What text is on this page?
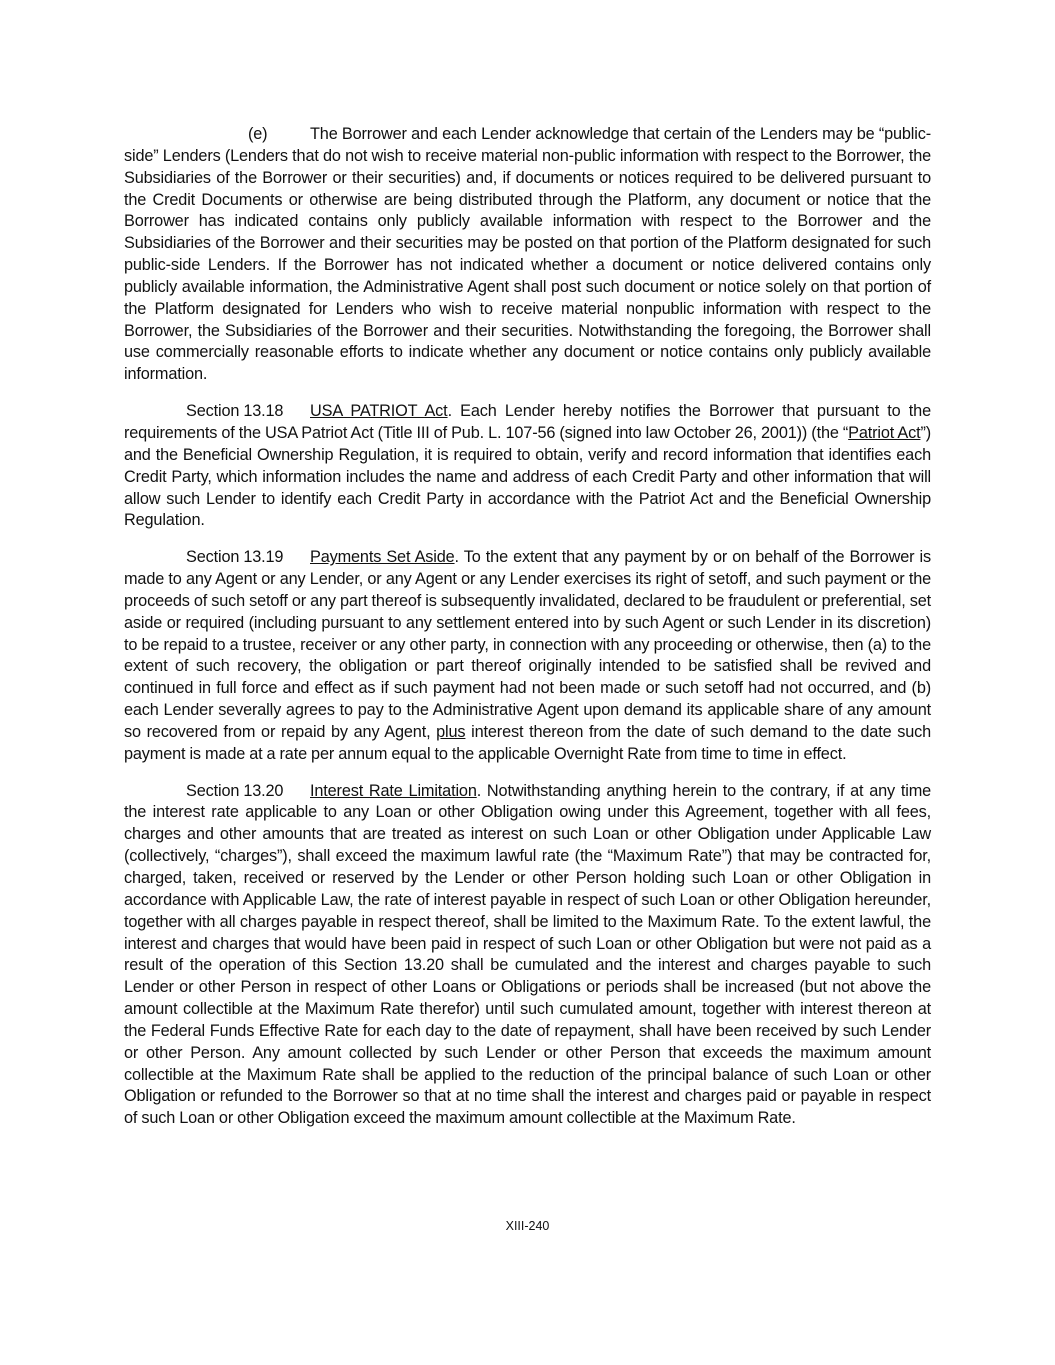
(e)	The Borrower and each Lender acknowledge that certain of the Lenders may be “public-side” Lenders (Lenders that do not wish to receive material non-public information with respect to the Borrower, the Subsidiaries of the Borrower or their securities) and, if documents or notices required to be delivered pursuant to the Credit Documents or otherwise are being distributed through the Platform, any document or notice that the Borrower has indicated contains only publicly available information with respect to the Borrower and the Subsidiaries of the Borrower and their securities may be posted on that portion of the Platform designated for such public-side Lenders. If the Borrower has not indicated whether a document or notice delivered contains only publicly available information, the Administrative Agent shall post such document or notice solely on that portion of the Platform designated for Lenders who wish to receive material nonpublic information with respect to the Borrower, the Subsidiaries of the Borrower and their securities. Notwithstanding the foregoing, the Borrower shall use commercially reasonable efforts to indicate whether any document or notice contains only publicly available information.

Section 13.18 USA PATRIOT Act. Each Lender hereby notifies the Borrower that pursuant to the requirements of the USA Patriot Act (Title III of Pub. L. 107-56 (signed into law October 26, 2001)) (the “Patriot Act”) and the Beneficial Ownership Regulation, it is required to obtain, verify and record information that identifies each Credit Party, which information includes the name and address of each Credit Party and other information that will allow such Lender to identify each Credit Party in accordance with the Patriot Act and the Beneficial Ownership Regulation.

Section 13.19 Payments Set Aside. To the extent that any payment by or on behalf of the Borrower is made to any Agent or any Lender, or any Agent or any Lender exercises its right of setoff, and such payment or the proceeds of such setoff or any part thereof is subsequently invalidated, declared to be fraudulent or preferential, set aside or required (including pursuant to any settlement entered into by such Agent or such Lender in its discretion) to be repaid to a trustee, receiver or any other party, in connection with any proceeding or otherwise, then (a) to the extent of such recovery, the obligation or part thereof originally intended to be satisfied shall be revived and continued in full force and effect as if such payment had not been made or such setoff had not occurred, and (b) each Lender severally agrees to pay to the Administrative Agent upon demand its applicable share of any amount so recovered from or repaid by any Agent, plus interest thereon from the date of such demand to the date such payment is made at a rate per annum equal to the applicable Overnight Rate from time to time in effect.

Section 13.20 Interest Rate Limitation. Notwithstanding anything herein to the contrary, if at any time the interest rate applicable to any Loan or other Obligation owing under this Agreement, together with all fees, charges and other amounts that are treated as interest on such Loan or other Obligation under Applicable Law (collectively, “charges”), shall exceed the maximum lawful rate (the “Maximum Rate”) that may be contracted for, charged, taken, received or reserved by the Lender or other Person holding such Loan or other Obligation in accordance with Applicable Law, the rate of interest payable in respect of such Loan or other Obligation hereunder, together with all charges payable in respect thereof, shall be limited to the Maximum Rate. To the extent lawful, the interest and charges that would have been paid in respect of such Loan or other Obligation but were not paid as a result of the operation of this Section 13.20 shall be cumulated and the interest and charges payable to such Lender or other Person in respect of other Loans or Obligations or periods shall be increased (but not above the amount collectible at the Maximum Rate therefor) until such cumulated amount, together with interest thereon at the Federal Funds Effective Rate for each day to the date of repayment, shall have been received by such Lender or other Person. Any amount collected by such Lender or other Person that exceeds the maximum amount collectible at the Maximum Rate shall be applied to the reduction of the principal balance of such Loan or other Obligation or refunded to the Borrower so that at no time shall the interest and charges paid or payable in respect of such Loan or other Obligation exceed the maximum amount collectible at the Maximum Rate.

XIII-240
